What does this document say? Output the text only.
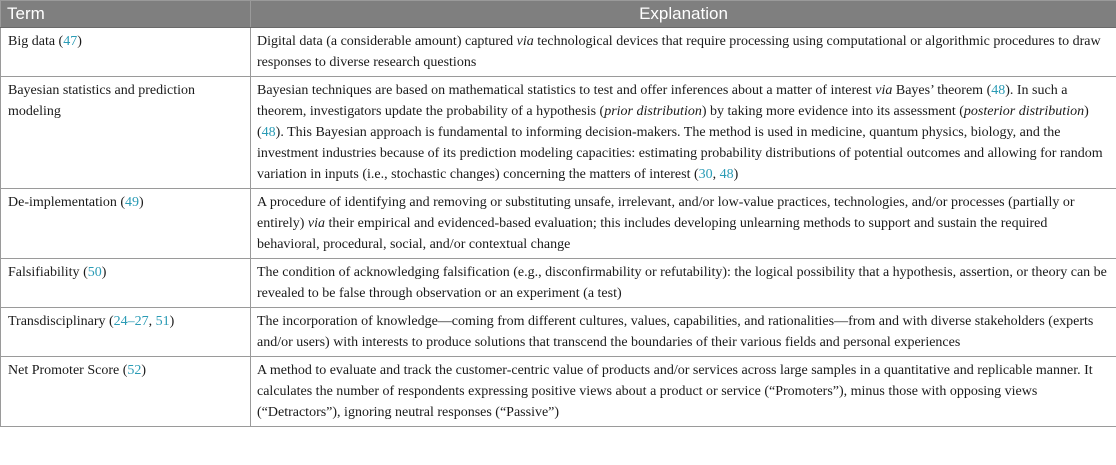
Term	Explanation
Big data (47)	Digital data (a considerable amount) captured via technological devices that require processing using computational or algorithmic procedures to draw responses to diverse research questions
Bayesian statistics and prediction modeling	Bayesian techniques are based on mathematical statistics to test and offer inferences about a matter of interest via Bayes’ theorem (48). In such a theorem, investigators update the probability of a hypothesis (prior distribution) by taking more evidence into its assessment (posterior distribution) (48). This Bayesian approach is fundamental to informing decision-makers. The method is used in medicine, quantum physics, biology, and the investment industries because of its prediction modeling capacities: estimating probability distributions of potential outcomes and allowing for random variation in inputs (i.e., stochastic changes) concerning the matters of interest (30, 48)
De-implementation (49)	A procedure of identifying and removing or substituting unsafe, irrelevant, and/or low-value practices, technologies, and/or processes (partially or entirely) via their empirical and evidenced-based evaluation; this includes developing unlearning methods to support and sustain the required behavioral, procedural, social, and/or contextual change
Falsifiability (50)	The condition of acknowledging falsification (e.g., disconfirmability or refutability): the logical possibility that a hypothesis, assertion, or theory can be revealed to be false through observation or an experiment (a test)
Transdisciplinary (24–27, 51)	The incorporation of knowledge—coming from different cultures, values, capabilities, and rationalities—from and with diverse stakeholders (experts and/or users) with interests to produce solutions that transcend the boundaries of their various fields and personal experiences
Net Promoter Score (52)	A method to evaluate and track the customer-centric value of products and/or services across large samples in a quantitative and replicable manner. It calculates the number of respondents expressing positive views about a product or service (“Promoters”), minus those with opposing views (“Detractors”), ignoring neutral responses (“Passive”)
